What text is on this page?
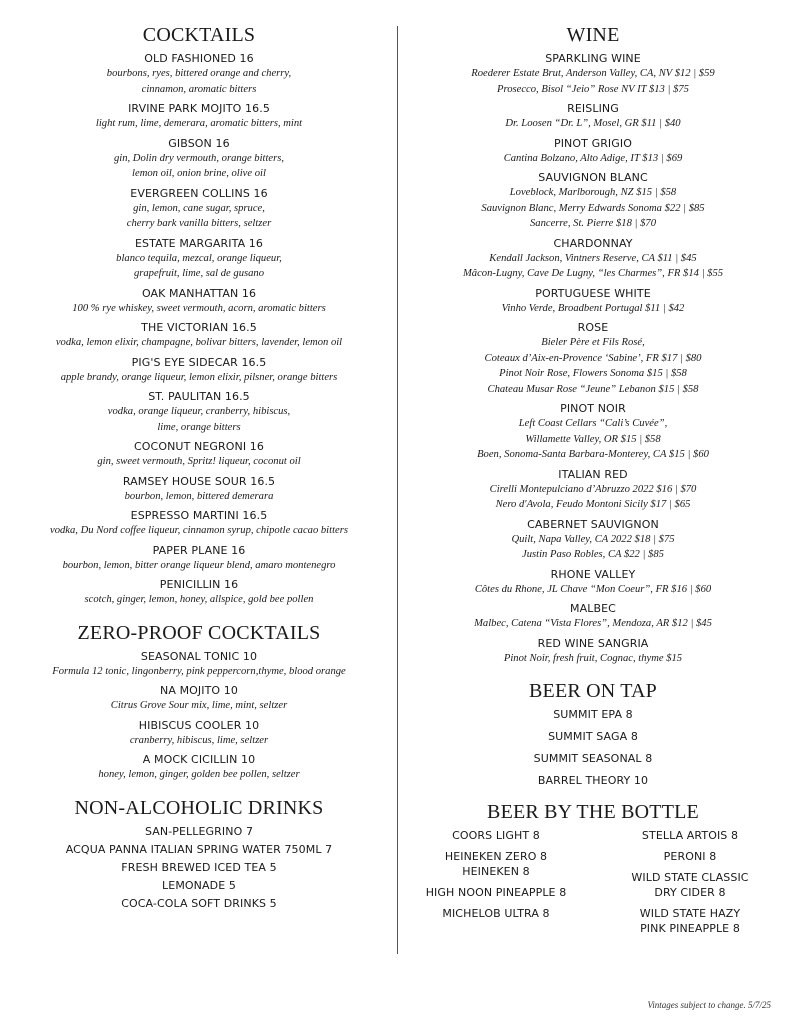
COCKTAILS
OLD FASHIONED 16
bourbons, ryes, bittered orange and cherry,
cinnamon, aromatic bitters
IRVINE PARK MOJITO 16.5
light rum, lime, demerara, aromatic bitters, mint
GIBSON 16
gin, Dolin dry vermouth, orange bitters,
lemon oil, onion brine, olive oil
EVERGREEN COLLINS 16
gin, lemon, cane sugar, spruce,
cherry bark vanilla bitters, seltzer
ESTATE MARGARITA 16
blanco tequila, mezcal, orange liqueur,
grapefruit, lime, sal de gusano
OAK MANHATTAN 16
100 % rye whiskey, sweet vermouth, acorn, aromatic bitters
THE VICTORIAN 16.5
vodka, lemon elixir, champagne, bolivar bitters, lavender, lemon oil
PIG'S EYE SIDECAR 16.5
apple brandy, orange liqueur, lemon elixir, pilsner, orange bitters
ST. PAULITAN 16.5
vodka, orange liqueur, cranberry, hibiscus,
lime, orange bitters
COCONUT NEGRONI 16
gin, sweet vermouth, Spritz! liqueur, coconut oil
RAMSEY HOUSE SOUR 16.5
bourbon, lemon, bittered demerara
ESPRESSO MARTINI 16.5
vodka, Du Nord coffee liqueur, cinnamon syrup, chipotle cacao bitters
PAPER PLANE 16
bourbon, lemon, bitter orange liqueur blend, amaro montenegro
PENICILLIN 16
scotch, ginger, lemon, honey, allspice, gold bee pollen
ZERO-PROOF COCKTAILS
SEASONAL TONIC 10
Formula 12 tonic, lingonberry, pink peppercorn,thyme, blood orange
NA MOJITO 10
Citrus Grove Sour mix, lime, mint, seltzer
HIBISCUS COOLER 10
cranberry, hibiscus, lime, seltzer
A MOCK CICILLIN 10
honey, lemon, ginger, golden bee pollen, seltzer
NON-ALCOHOLIC DRINKS
SAN-PELLEGRINO 7
ACQUA PANNA ITALIAN SPRING WATER 750ML 7
FRESH BREWED ICED TEA 5
LEMONADE 5
COCA-COLA SOFT DRINKS 5
WINE
SPARKLING WINE
Roederer Estate Brut, Anderson Valley, CA, NV $12 | $59
Prosecco, Bisol “Jeio” Rose NV IT $13 | $75
REISLING
Dr. Loosen “Dr. L”, Mosel, GR $11 | $40
PINOT GRIGIO
Cantina Bolzano, Alto Adige, IT $13 | $69
SAUVIGNON BLANC
Loveblock, Marlborough, NZ $15 | $58
Sauvignon Blanc, Merry Edwards Sonoma $22 | $85
Sancerre, St. Pierre $18 | $70
CHARDONNAY
Kendall Jackson, Vintners Reserve, CA $11 | $45
Mâcon-Lugny, Cave De Lugny, “les Charmes”, FR $14 | $55
PORTUGUESE WHITE
Vinho Verde, Broadbent Portugal $11 | $42
ROSE
Bieler Père et Fils Rosé,
Coteaux d’Aix-en-Provence ‘Sabine’, FR $17 | $80
Pinot Noir Rose, Flowers Sonoma $15 | $58
Chateau Musar Rose “Jeune” Lebanon $15 | $58
PINOT NOIR
Left Coast Cellars “Cali’s Cuvée”,
Willamette Valley, OR $15 | $58
Boen, Sonoma-Santa Barbara-Monterey, CA $15 | $60
ITALIAN RED
Cirelli Montepulciano d’Abruzzo 2022 $16 | $70
Nero d'Avola, Feudo Montoni Sicily $17 | $65
CABERNET SAUVIGNON
Quilt, Napa Valley, CA 2022 $18 | $75
Justin Paso Robles, CA $22 | $85
RHONE VALLEY
Côtes du Rhone, JL Chave “Mon Coeur”, FR $16 | $60
MALBEC
Malbec, Catena “Vista Flores”, Mendoza, AR $12 | $45
RED WINE SANGRIA
Pinot Noir, fresh fruit, Cognac, thyme $15
BEER ON TAP
SUMMIT EPA 8
SUMMIT SAGA 8
SUMMIT SEASONAL 8
BARREL THEORY 10
BEER BY THE BOTTLE
COORS LIGHT 8
HEINEKEN ZERO 8
HEINEKEN 8
HIGH NOON PINEAPPLE 8
MICHELOB ULTRA 8
STELLA ARTOIS 8
PERONI 8
WILD STATE CLASSIC
DRY CIDER 8
WILD STATE HAZY
PINK PINEAPPLE 8
Vintages subject to change. 5/7/25
